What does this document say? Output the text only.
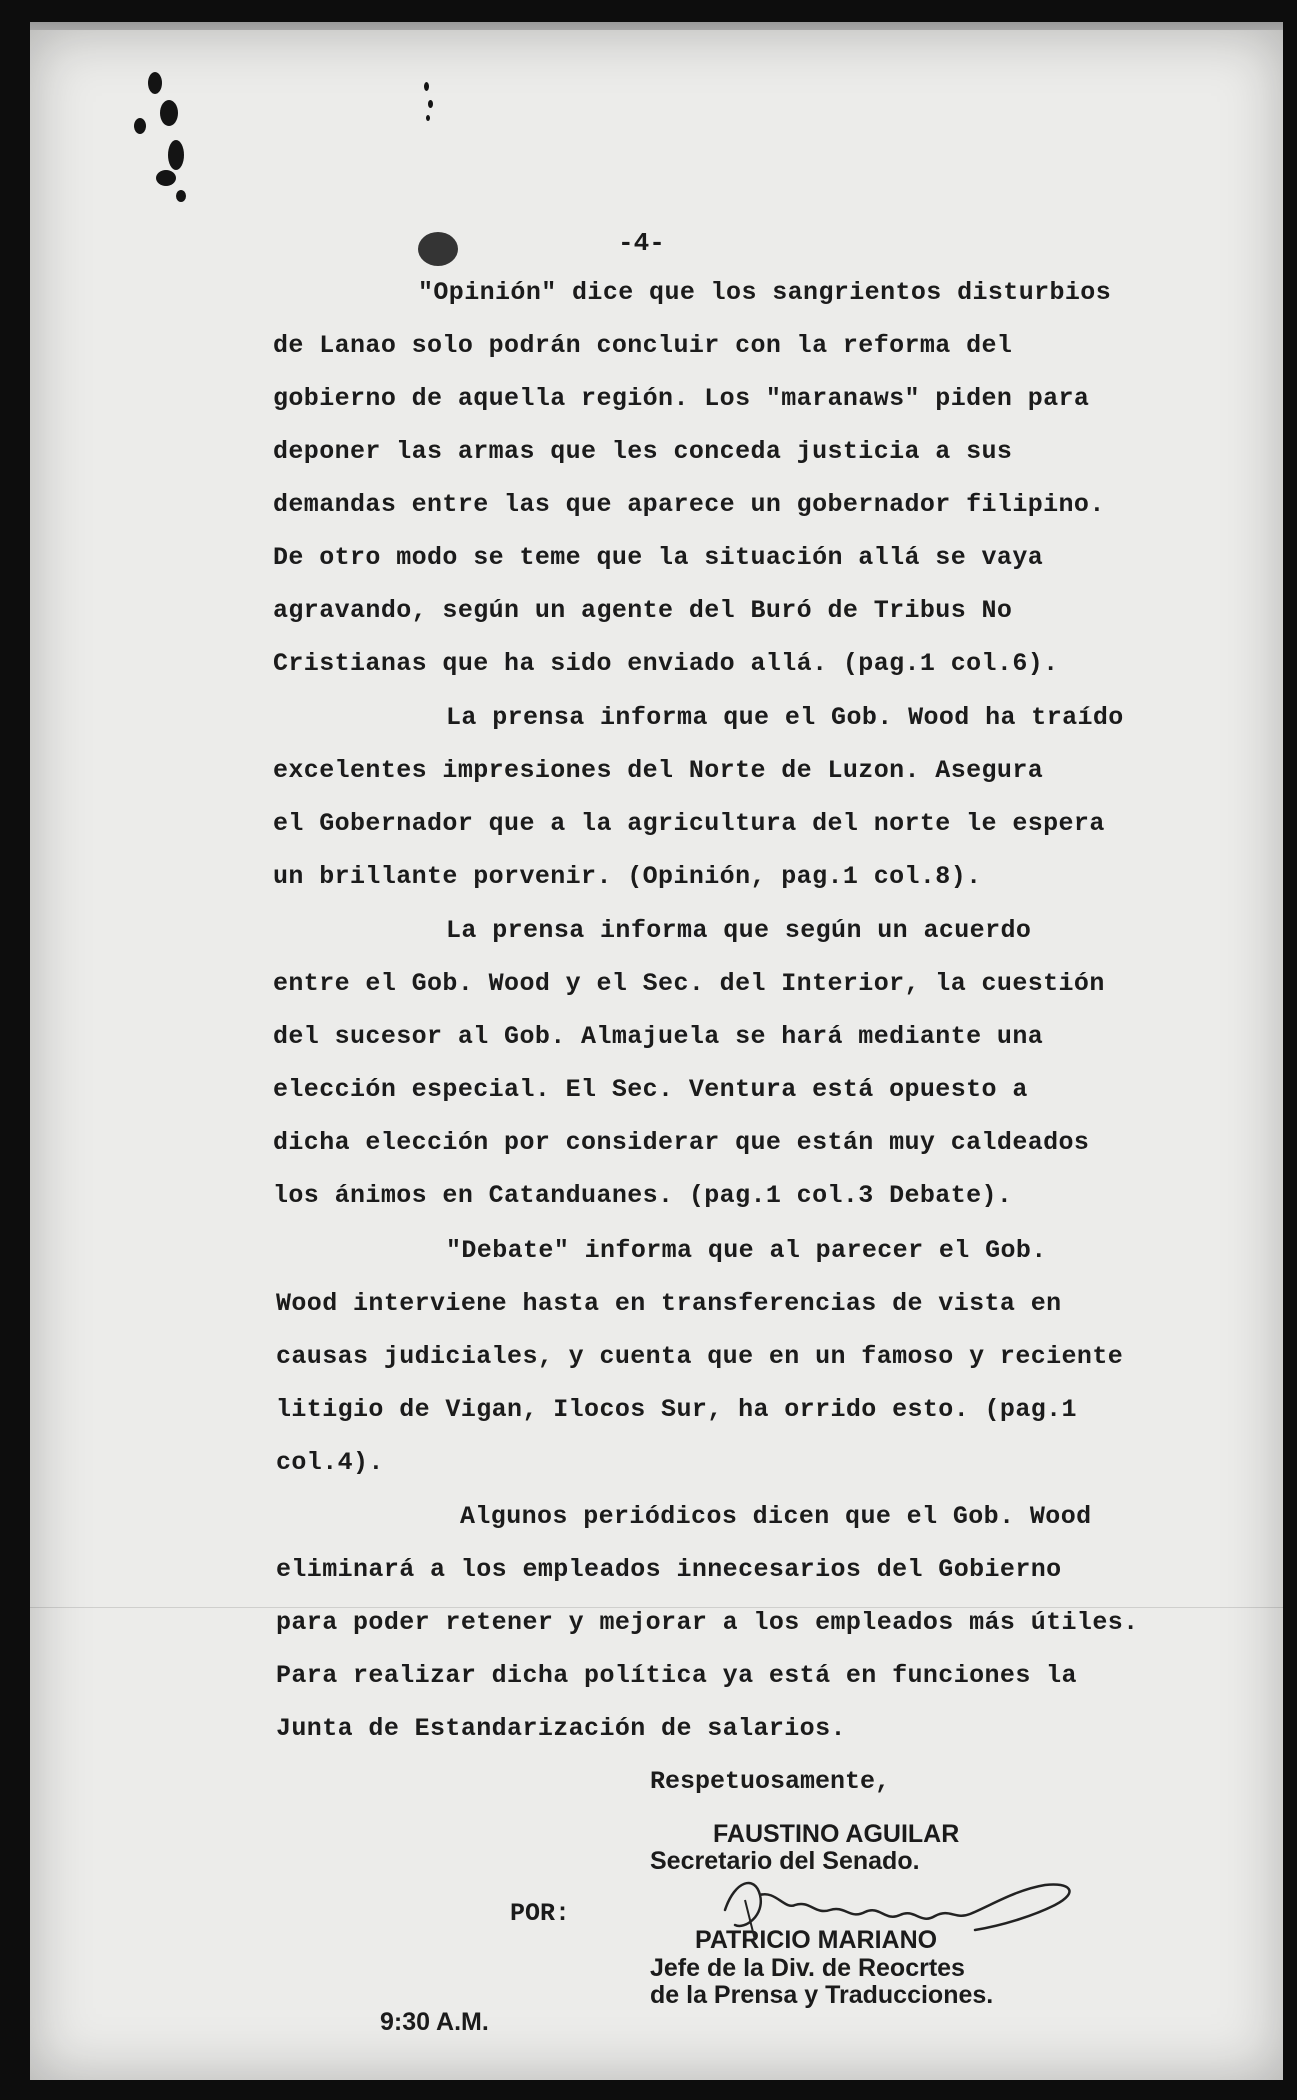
-4-
"Opinión" dice que los sangrientos disturbios
de Lanao solo podrán concluir con la reforma del
gobierno de aquella región. Los "maranaws" piden para
deponer las armas que les conceda justicia a sus
demandas entre las que aparece un gobernador filipino.
De otro modo se teme que la situación allá se vaya
agravando, según un agente del Buró de Tribus No
Cristianas que ha sido enviado allá. (pag.1 col.6).
La prensa informa que el Gob. Wood ha traído
excelentes impresiones del Norte de Luzon. Asegura
el Gobernador que a la agricultura del norte le espera
un brillante porvenir. (Opinión, pag.1 col.8).
La prensa informa que según un acuerdo
entre el Gob. Wood y el Sec. del Interior, la cuestión
del sucesor al Gob. Almajuela se hará mediante una
elección especial. El Sec. Ventura está opuesto a
dicha elección por considerar que están muy caldeados
los ánimos en Catanduanes. (pag.1 col.3 Debate).
"Debate" informa que al parecer el Gob.
Wood interviene hasta en transferencias de vista en
causas judiciales, y cuenta que en un famoso y reciente
litigio de Vigan, Ilocos Sur, ha orrido esto. (pag.1
col.4).
Algunos periódicos dicen que el Gob. Wood
eliminará a los empleados innecesarios del Gobierno
para poder retener y mejorar a los empleados más útiles.
Para realizar dicha política ya está en funciones la
Junta de Estandarización de salarios.
Respetuosamente,
FAUSTINO AGUILAR
Secretario del Senado.
POR:
PATRICIO MARIANO
Jefe de la Div. de Reocrtes
de la Prensa y Traducciones.
9:30 A.M.
